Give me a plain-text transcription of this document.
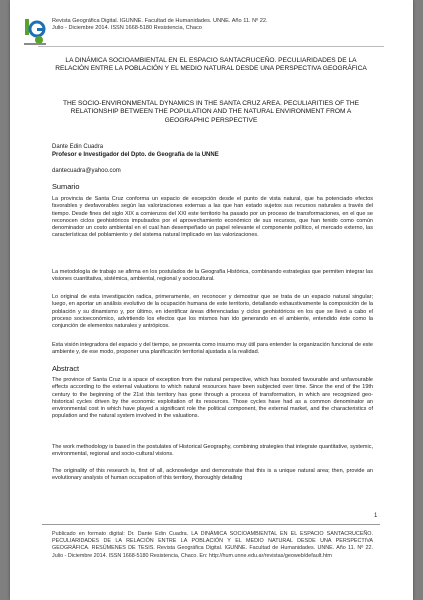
Revista Geográfica Digital. IGUNNE. Facultad de Humanidades. UNNE. Año 11. Nº 22.
Julio - Diciembre 2014. ISSN 1668-5180 Resistencia, Chaco
LA DINÁMICA SOCIOAMBIENTAL EN EL ESPACIO SANTACRUCEÑO. PECULIARIDADES DE LA RELACIÓN ENTRE LA POBLACIÓN Y EL MEDIO NATURAL DESDE UNA PERSPECTIVA GEOGRÁFICA
THE SOCIO-ENVIRONMENTAL DYNAMICS IN THE SANTA CRUZ AREA. PECULIARITIES OF THE RELATIONSHIP BETWEEN THE POPULATION AND THE NATURAL ENVIRONMENT FROM A GEOGRAPHIC PERSPECTIVE
Dante Edin Cuadra
Profesor e Investigador del Dpto. de Geografía de la UNNE
dantecuadra@yahoo.com
Sumario

La provincia de Santa Cruz conforma un espacio de excepción desde el punto de vista natural, que ha potenciado efectos favorables y desfavorables según las valorizaciones externas a las que han estado sujetos sus recursos naturales a través del tiempo. Desde fines del siglo XIX a comienzos del XXI este territorio ha pasado por un proceso de transformaciones, en el que se reconocen ciclos geohistóricos impulsados por el aprovechamiento económico de sus recursos, que han tenido como común denominador un costo ambiental en el cual han desempeñado un papel relevante el componente político, el mercado externo, las características del poblamiento y del sistema natural implicado en las valorizaciones.

La metodología de trabajo se afirma en los postulados de la Geografía Histórica, combinando estrategias que permiten integrar las visiones cuantitativa, sistémica, ambiental, regional y sociocultural.

Lo original de esta investigación radica, primeramente, en reconocer y demostrar que se trata de un espacio natural singular; luego, en aportar un análisis evolutivo de la ocupación humana de este territorio, detallando exhaustivamente la composición de la población y su dinamismo y, por último, en identificar áreas diferenciadas y ciclos geohistóricos en los que se llevó a cabo el proceso socioeconómico, advirtiendo los efectos que los mismos han ido generando en el ambiente, entendido éste como la conjunción de elementos naturales y antrópicos.

Esta visión integradora del espacio y del tiempo, se presenta como insumo muy útil para entender la organización funcional de este ambiente y, de ese modo, proponer una planificación territorial ajustada a la realidad.

Abstract

The province of Santa Cruz is a space of exception from the natural perspective, which has boosted favourable and unfavourable effects according to the external valuations to which natural resources have been subjected over time. Since the end of the 19th century to the beginning of the 21st this territory has gone through a process of transformation, in which are recognized geo-historical cycles driven by the economic exploitation of its resources. Those cycles have had as a common denominator an environmental cost in which have played a significant role the political component, the external market, and the characteristics of population and the natural system involved in the valuations.

The work methodology is based in the postulates of Historical Geography, combining strategies that integrate quantitative, systemic, environmental, regional and socio-cultural visions.

The originality of this research is, first of all, acknowledge and demonstrate that this is a unique natural area; then, provide an evolutionary analysis of human occupation of this territory, thoroughly detailing

1
Publicado en formato digital: Dr. Dante Edin Cuadra. LA DINÁMICA SOCIOAMBIENTAL EN EL ESPACIO SANTACRUCEÑO. PECULIARIDADES DE LA RELACIÓN ENTRE LA POBLACIÓN Y EL MEDIO NATURAL DESDE UNA PERSPECTIVA GEOGRÁFICA. RESÚMENES DE TESIS. Revista Geográfica Digital. IGUNNE. Facultad de Humanidades. UNNE. Año 11. Nº 22. Julio - Diciembre 2014. ISSN 1668-5180 Resistencia, Chaco. En: http://hum.unne.edu.ar/revistas/geoweb/default.htm
